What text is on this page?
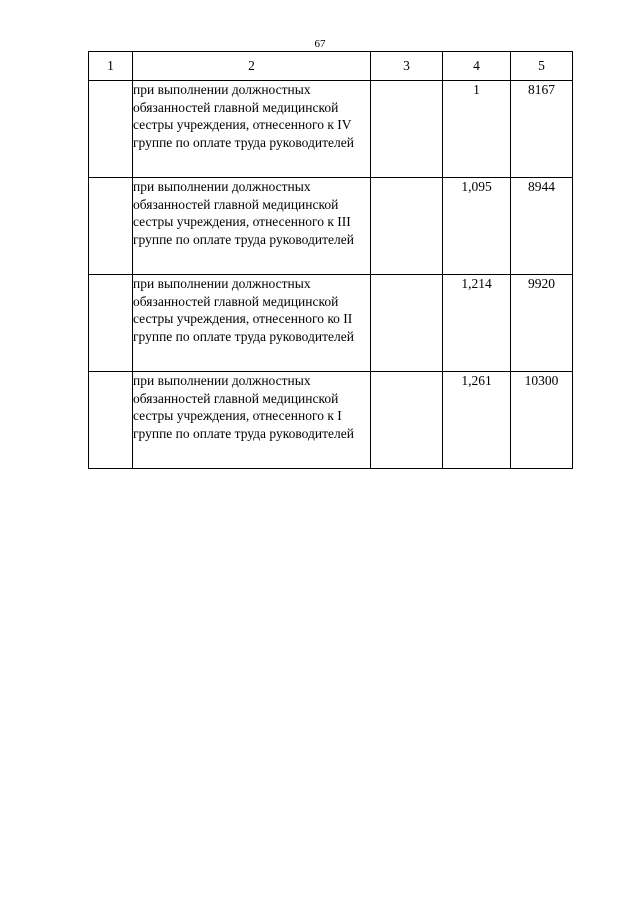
67
1	2	3	4	5
	при выполнении должностных обязанностей главной медицинской сестры учреждения, отнесенного к IV группе по оплате труда руководителей		1	8167
	при выполнении должностных обязанностей главной медицинской сестры учреждения, отнесенного к III группе по оплате труда руководителей		1,095	8944
	при выполнении должностных обязанностей главной медицинской сестры учреждения, отнесенного ко II группе по оплате труда руководителей		1,214	9920
	при выполнении должностных обязанностей главной медицинской сестры учреждения, отнесенного к I группе по оплате труда руководителей		1,261	10300
